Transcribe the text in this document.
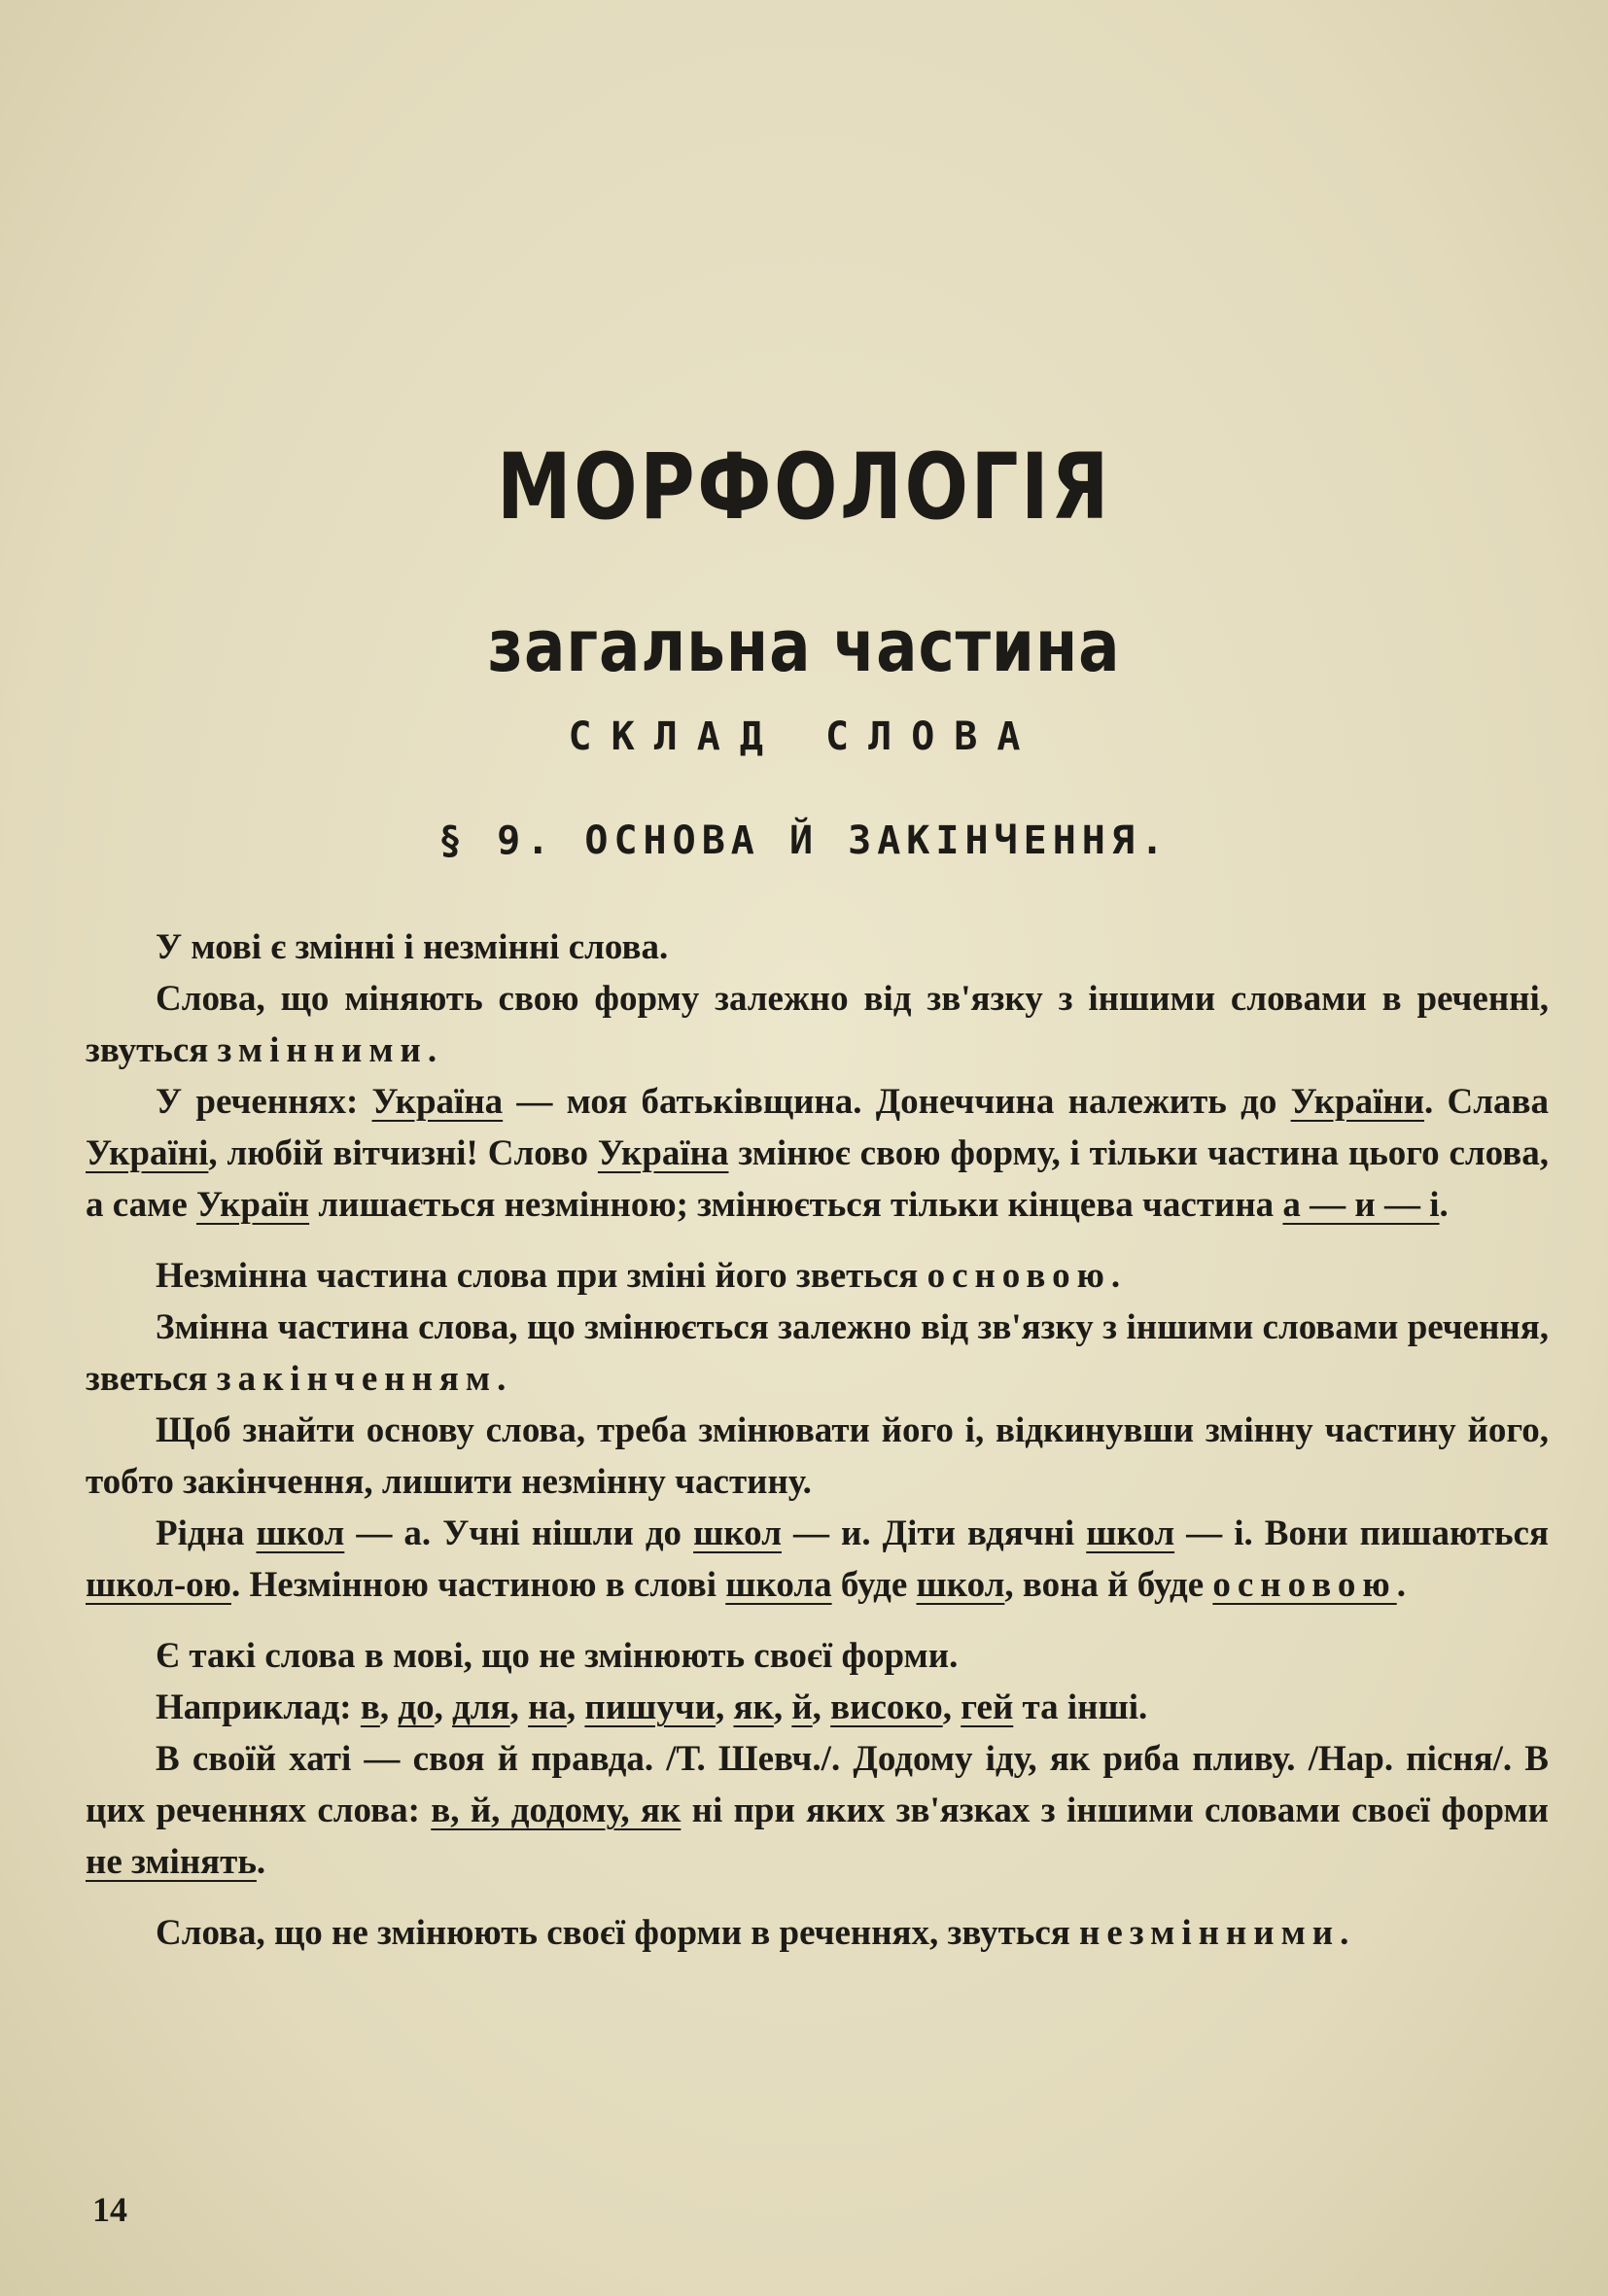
МОРФОЛОГІЯ
загальна частина
СКЛАД СЛОВА
§ 9. ОСНОВА Й ЗАКІНЧЕННЯ.

У мові є змінні і незмінні слова.

Слова, що міняють свою форму залежно від зв'язку з іншими словами в реченні, звуться змінними.

У реченнях: Україна — моя батьківщина. Донеччина належить до України. Слава Україні, любій вітчизні! Слово Україна змінює свою форму, і тільки частина цього слова, а саме Україн лишається незмінною; змінюється тільки кінцева частина а — и — і.

Незмінна частина слова при зміні його зветься основою.

Змінна частина слова, що змінюється залежно від зв'язку з іншими словами речення, зветься закінченням.

Щоб знайти основу слова, треба змінювати його і, відкинувши змінну частину його, тобто закінчення, лишити незмінну частину.

Рідна школ — а. Учні нішли до школ — и. Діти вдячні школ — і. Вони пишаються школ-ою. Незмінною частиною в слові школа буде школ, вона й буде основою.

Є такі слова в мові, що не змінюють своєї форми.

Наприклад: в, до, для, на, пишучи, як, й, високо, гей та інші.

В своїй хаті — своя й правда. /Т. Шевч./. Додому іду, як риба пливу. /Нар. пісня/. В цих реченнях слова: в, й, додому, як ні при яких зв'язках з іншими словами своєї форми не змінять.

Слова, що не змінюють своєї форми в реченнях, звуться незмінними.

14
